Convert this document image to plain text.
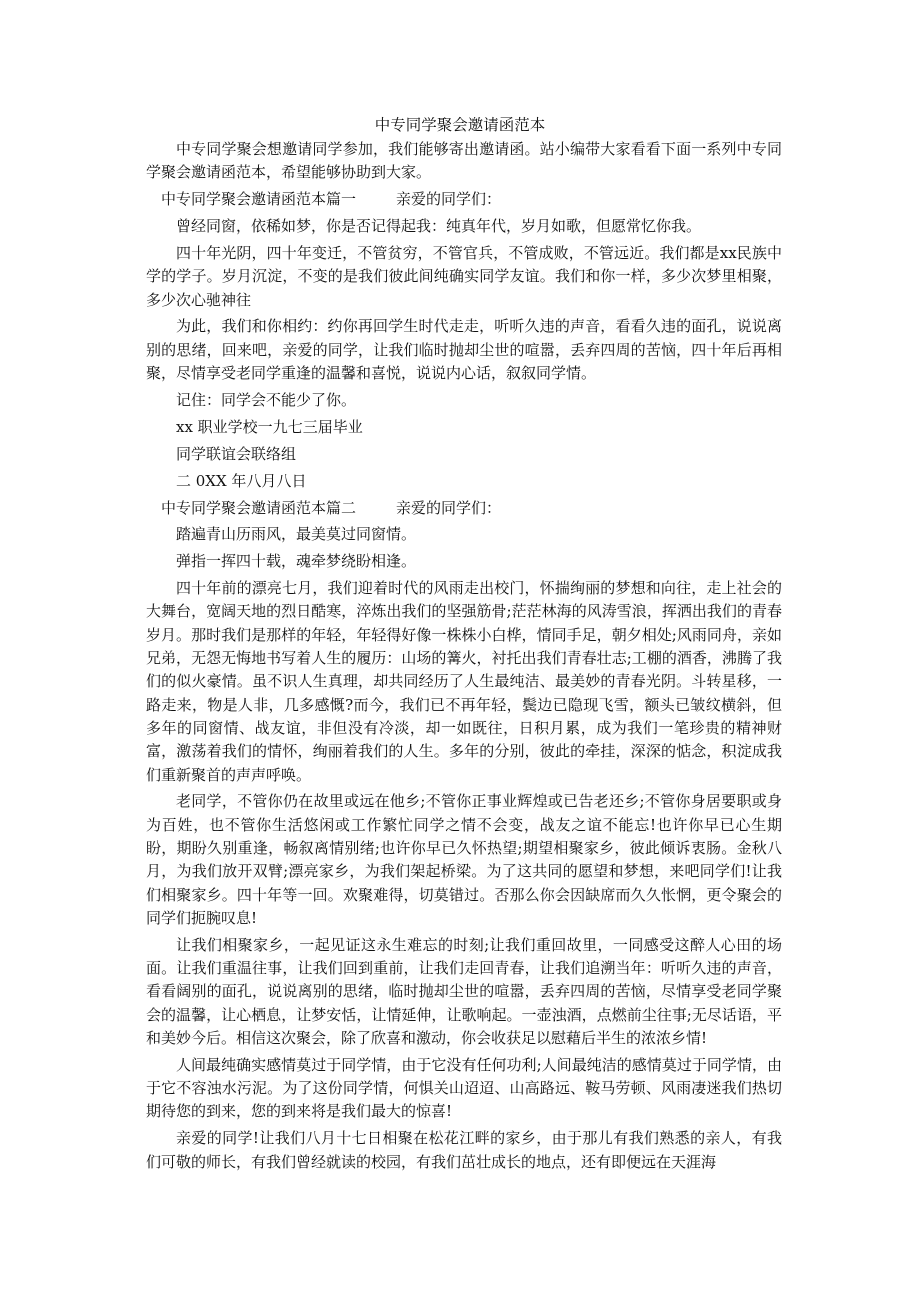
中专同学聚会邀请函范本

中专同学聚会想邀请同学参加，我们能够寄出邀请函。站小编带大家看看下面一系列中专同学聚会邀请函范本，希望能够协助到大家。

中专同学聚会邀请函范本篇一	亲爱的同学们：

曾经同窗，依稀如梦，你是否记得起我：纯真年代，岁月如歌，但愿常忆你我。

四十年光阴，四十年变迁，不管贫穷，不管官兵，不管成败，不管远近。我们都是xx民族中学的学子。岁月沉淀，不变的是我们彼此间纯确实同学友谊。我们和你一样，多少次梦里相聚，多少次心驰神往

为此，我们和你相约：约你再回学生时代走走，听听久违的声音，看看久违的面孔，说说离别的思绪，回来吧，亲爱的同学，让我们临时抛却尘世的喧嚣，丢弃四周的苦恼，四十年后再相聚，尽情享受老同学重逢的温馨和喜悦，说说内心话，叙叙同学情。

记住：同学会不能少了你。

xx 职业学校一九七三届毕业
同学联谊会联络组
二 0XX 年八月八日
中专同学聚会邀请函范本篇二	亲爱的同学们：
踏遍青山历雨风，最美莫过同窗情。
弹指一挥四十载，魂牵梦绕盼相逢。

四十年前的漂亮七月，我们迎着时代的风雨走出校门，怀揣绚丽的梦想和向往，走上社会的大舞台，宽阔天地的烈日酷寒，淬炼出我们的坚强筋骨;茫茫林海的风涛雪浪，挥洒出我们的青春岁月。那时我们是那样的年轻，年轻得好像一株株小白桦，情同手足，朝夕相处;风雨同舟，亲如兄弟，无怨无悔地书写着人生的履历：山场的篝火，衬托出我们青春壮志;工棚的酒香，沸腾了我们的似火豪情。虽不识人生真理，却共同经历了人生最纯洁、最美妙的青春光阴。斗转星移，一路走来，物是人非，几多感慨?而今，我们已不再年轻，鬓边已隐现飞雪，额头已皱纹横斜，但多年的同窗情、战友谊，非但没有冷淡，却一如既往，日积月累，成为我们一笔珍贵的精神财富，激荡着我们的情怀，绚丽着我们的人生。多年的分别，彼此的牵挂，深深的惦念，积淀成我们重新聚首的声声呼唤。

老同学，不管你仍在故里或远在他乡;不管你正事业辉煌或已告老还乡;不管你身居要职或身为百姓，也不管你生活悠闲或工作繁忙同学之情不会变，战友之谊不能忘!也许你早已心生期盼，期盼久别重逢，畅叙离情别绪;也许你早已久怀热望;期望相聚家乡，彼此倾诉衷肠。金秋八月，为我们放开双臂;漂亮家乡，为我们架起桥梁。为了这共同的愿望和梦想，来吧同学们!让我们相聚家乡。四十年等一回。欢聚难得，切莫错过。否那么你会因缺席而久久怅惘，更令聚会的同学们扼腕叹息!

让我们相聚家乡，一起见证这永生难忘的时刻;让我们重回故里，一同感受这醉人心田的场面。让我们重温往事，让我们回到重前，让我们走回青春，让我们追溯当年：听听久违的声音，看看阔别的面孔，说说离别的思绪，临时抛却尘世的喧嚣，丢弃四周的苦恼，尽情享受老同学聚会的温馨，让心栖息，让梦安恬，让情延伸，让歌响起。一壶浊酒，点燃前尘往事;无尽话语，平和美妙今后。相信这次聚会，除了欣喜和激动，你会收获足以慰藉后半生的浓浓乡情!

人间最纯确实感情莫过于同学情，由于它没有任何功利;人间最纯洁的感情莫过于同学情，由于它不容浊水污泥。为了这份同学情，何惧关山迢迢、山高路远、鞍马劳顿、风雨凄迷我们热切期待您的到来，您的到来将是我们最大的惊喜!

亲爱的同学!让我们八月十七日相聚在松花江畔的家乡，由于那儿有我们熟悉的亲人，有我们可敬的师长，有我们曾经就读的校园，有我们茁壮成长的地点，还有即便远在天涯海
